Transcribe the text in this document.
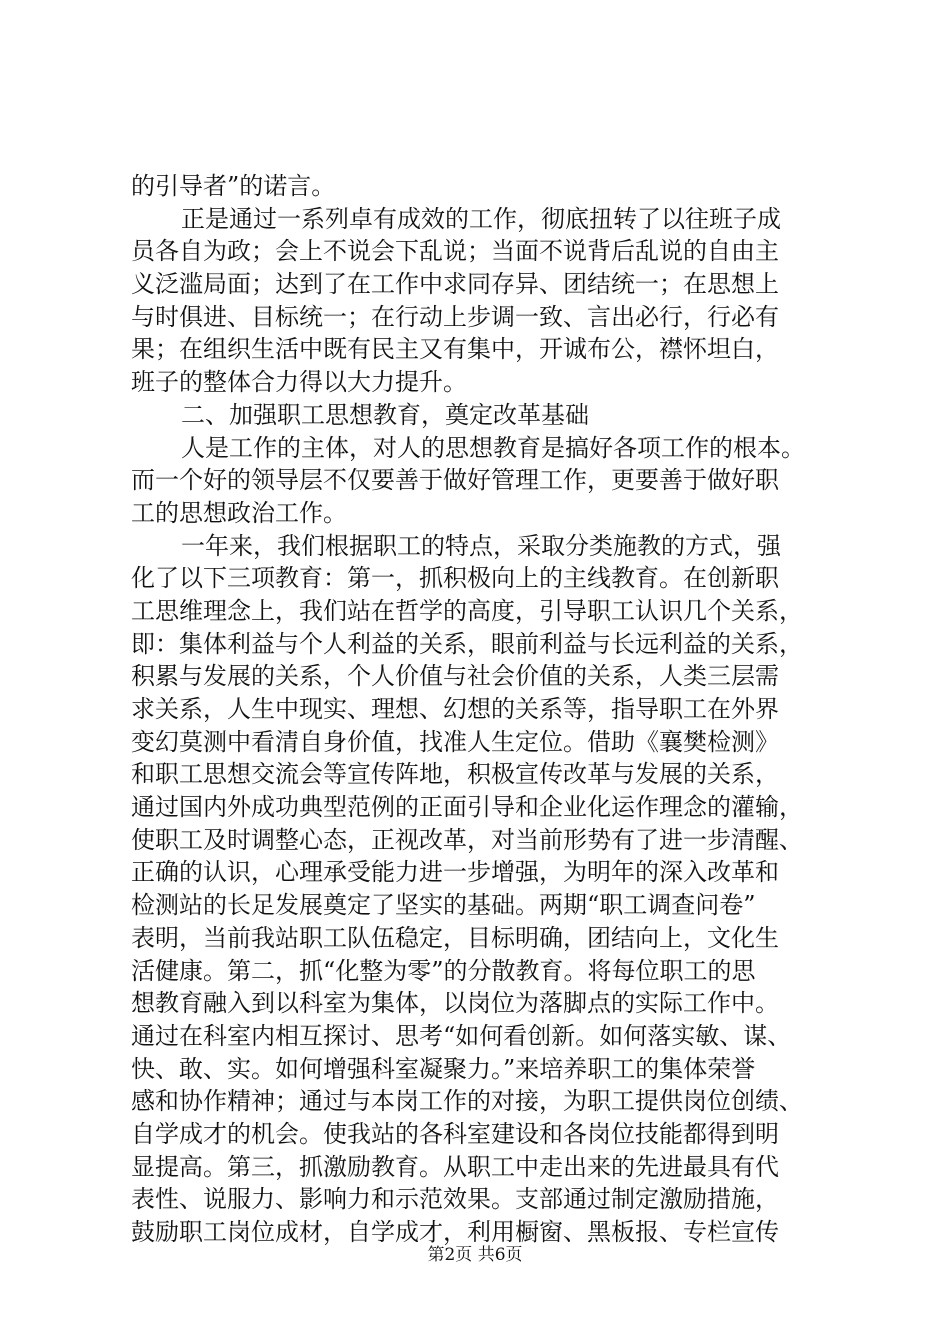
的引导者”的诺言。
正是通过一系列卓有成效的工作，彻底扭转了以往班子成
员各自为政；会上不说会下乱说；当面不说背后乱说的自由主
义泛滥局面；达到了在工作中求同存异、团结统一；在思想上
与时俱进、目标统一；在行动上步调一致、言出必行，行必有
果；在组织生活中既有民主又有集中，开诚布公，襟怀坦白，
班子的整体合力得以大力提升。
二、加强职工思想教育，奠定改革基础
人是工作的主体，对人的思想教育是搞好各项工作的根本。
而一个好的领导层不仅要善于做好管理工作，更要善于做好职
工的思想政治工作。
一年来，我们根据职工的特点，采取分类施教的方式，强
化了以下三项教育：第一，抓积极向上的主线教育。在创新职
工思维理念上，我们站在哲学的高度，引导职工认识几个关系，
即：集体利益与个人利益的关系，眼前利益与长远利益的关系，
积累与发展的关系，个人价值与社会价值的关系，人类三层需
求关系，人生中现实、理想、幻想的关系等，指导职工在外界
变幻莫测中看清自身价值，找准人生定位。借助《襄樊检测》
和职工思想交流会等宣传阵地，积极宣传改革与发展的关系，
通过国内外成功典型范例的正面引导和企业化运作理念的灌输，
使职工及时调整心态，正视改革，对当前形势有了进一步清醒、
正确的认识，心理承受能力进一步增强，为明年的深入改革和
检测站的长足发展奠定了坚实的基础。两期“职工调查问卷”
表明，当前我站职工队伍稳定，目标明确，团结向上，文化生
活健康。第二，抓“化整为零”的分散教育。将每位职工的思
想教育融入到以科室为集体，以岗位为落脚点的实际工作中。
通过在科室内相互探讨、思考“如何看创新。如何落实敏、谋、
快、敢、实。如何增强科室凝聚力。”来培养职工的集体荣誉
感和协作精神；通过与本岗工作的对接，为职工提供岗位创绩、
自学成才的机会。使我站的各科室建设和各岗位技能都得到明
显提高。第三，抓激励教育。从职工中走出来的先进最具有代
表性、说服力、影响力和示范效果。支部通过制定激励措施，
鼓励职工岗位成材，自学成才，利用橱窗、黑板报、专栏宣传
第2页 共6页
